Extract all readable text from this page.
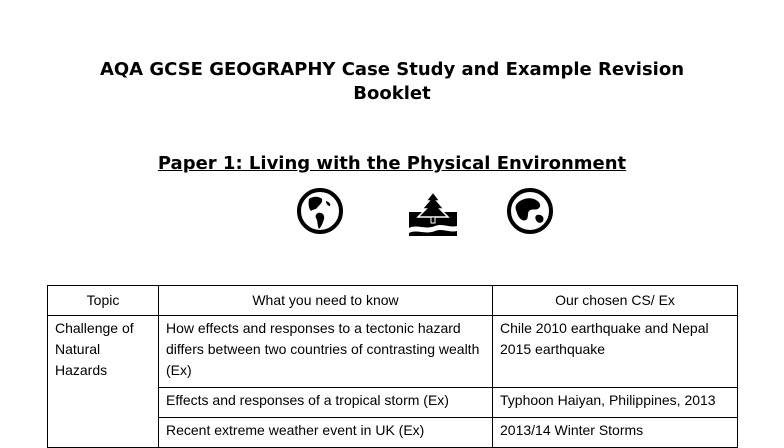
AQA GCSE GEOGRAPHY Case Study and Example Revision
Booklet
Paper 1: Living with the Physical Environment
Topic	What you need to know	Our chosen CS/ Ex
Challenge of Natural Hazards	How effects and responses to a tectonic hazard differs between two countries of contrasting wealth (Ex)	Chile 2010 earthquake and Nepal 2015 earthquake
	Effects and responses of a tropical storm (Ex)	Typhoon Haiyan, Philippines, 2013
	Recent extreme weather event in UK (Ex)	2013/14 Winter Storms
